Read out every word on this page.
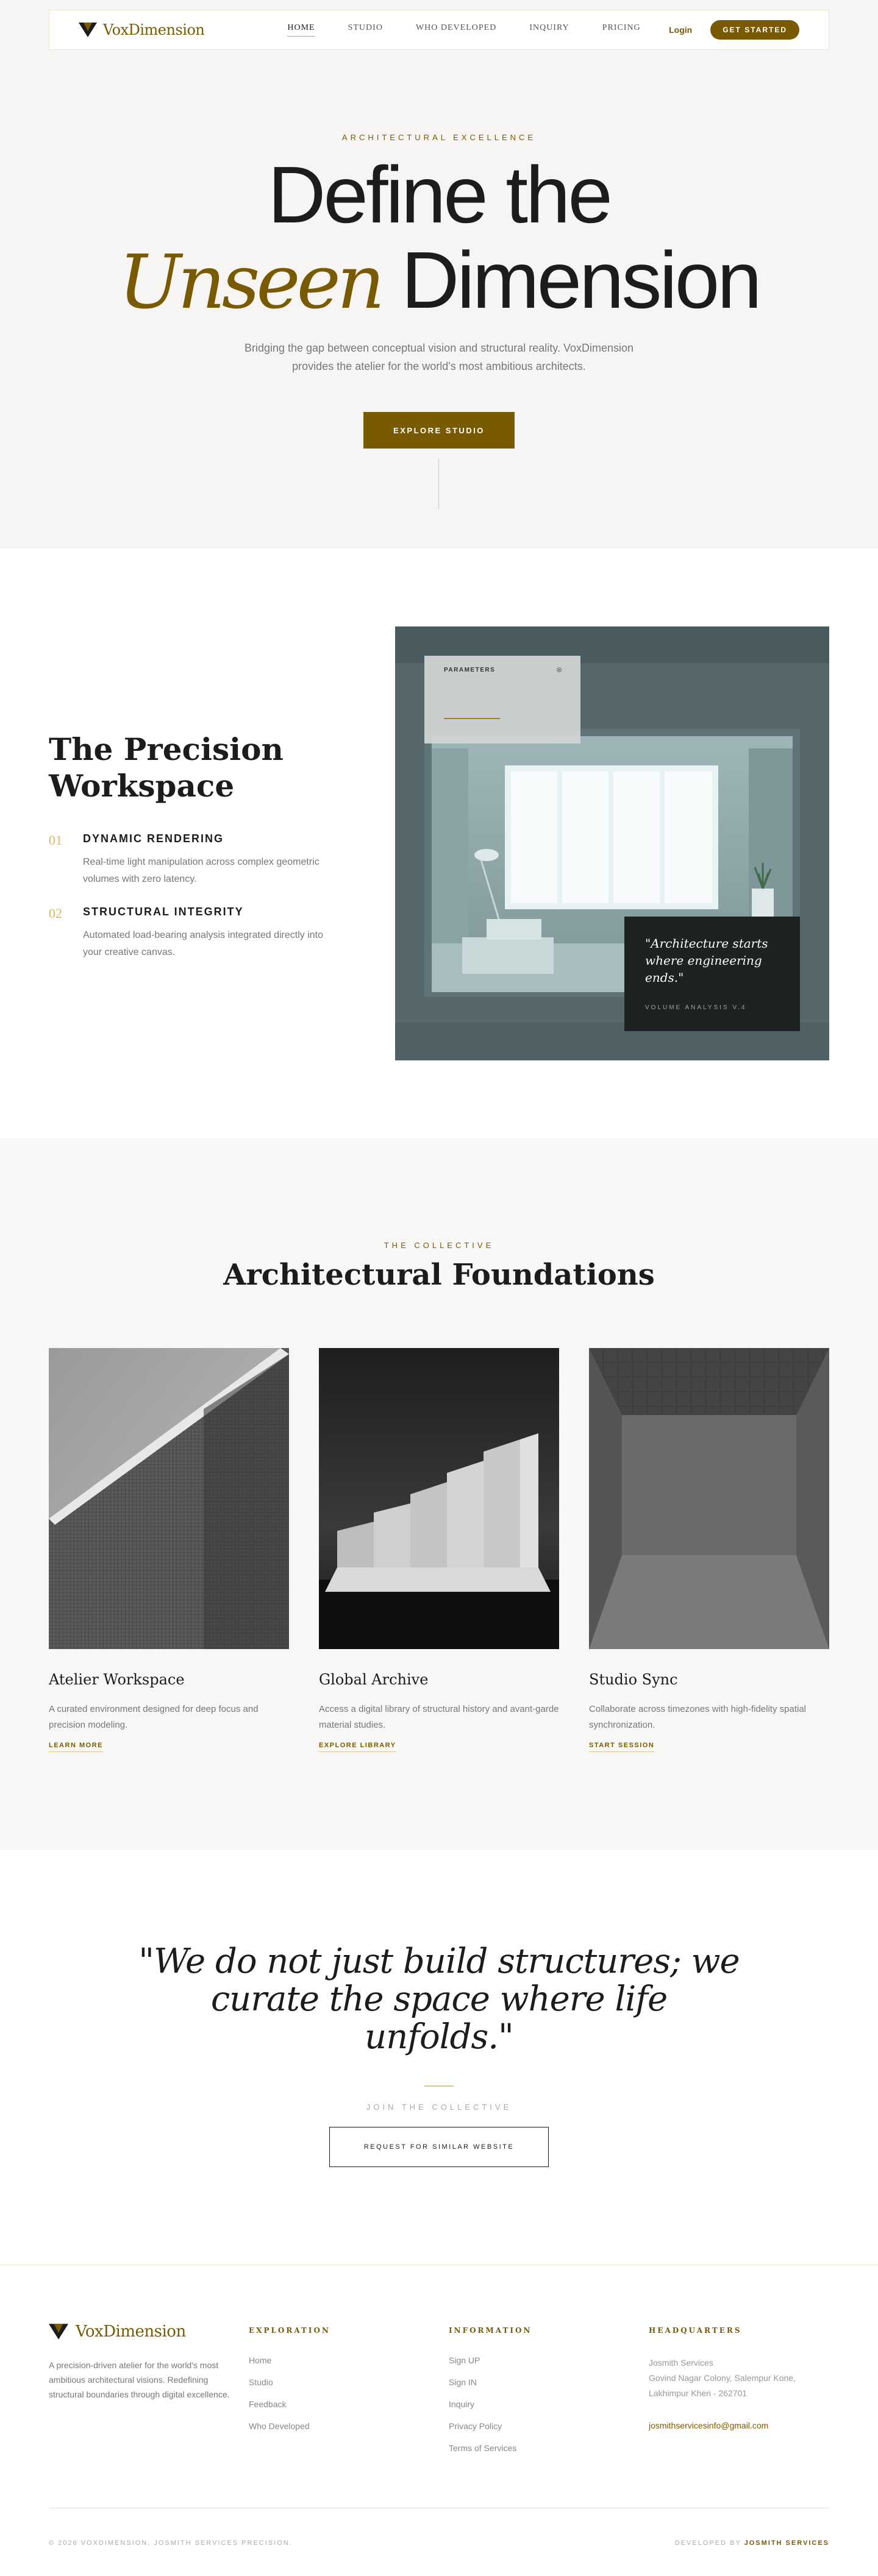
ARCHITECTURAL EXCELLENCE
Define the
Unseen Dimension

Bridging the gap between conceptual vision and structural reality. VoxDimension provides the atelier for the world's most ambitious architects.

EXPLORE STUDIO
VoxDimension	HOME	STUDIO	WHO DEVELOPED	INQUIRY	PRICING	Login	GET STARTED
The Precision Workspace
01	DYNAMIC RENDERING
Real-time light manipulation across complex geometric volumes with zero latency.
02	STRUCTURAL INTEGRITY
Automated load-bearing analysis integrated directly into your creative canvas.
PARAMETERS	⊗
"Architecture starts where engineering ends."
VOLUME ANALYSIS V.4
THE COLLECTIVE
Architectural Foundations
Atelier Workspace
A curated environment designed for deep focus and precision modeling.
LEARN MORE
Global Archive
Access a digital library of structural history and avant-garde material studies.
EXPLORE LIBRARY
Studio Sync
Collaborate across timezones with high-fidelity spatial synchronization.
START SESSION
"We do not just build structures; we curate the space where life unfolds."
JOIN THE COLLECTIVE
REQUEST FOR SIMILAR WEBSITE
VoxDimension

A precision-driven atelier for the world's most ambitious architectural visions. Redefining structural boundaries through digital excellence.

EXPLORATION
Home
Studio
Feedback
Who Developed
INFORMATION
Sign UP
Sign IN
Inquiry
Privacy Policy
Terms of Services
HEADQUARTERS
Josmith Services
Govind Nagar Colony, Salempur Kone,
Lakhimpur Kheri - 262701
josmithservicesinfo@gmail.com
© 2026 VOXDIMENSION. JOSMITH SERVICES PRECISION.	DEVELOPED BY JOSMITH SERVICES
